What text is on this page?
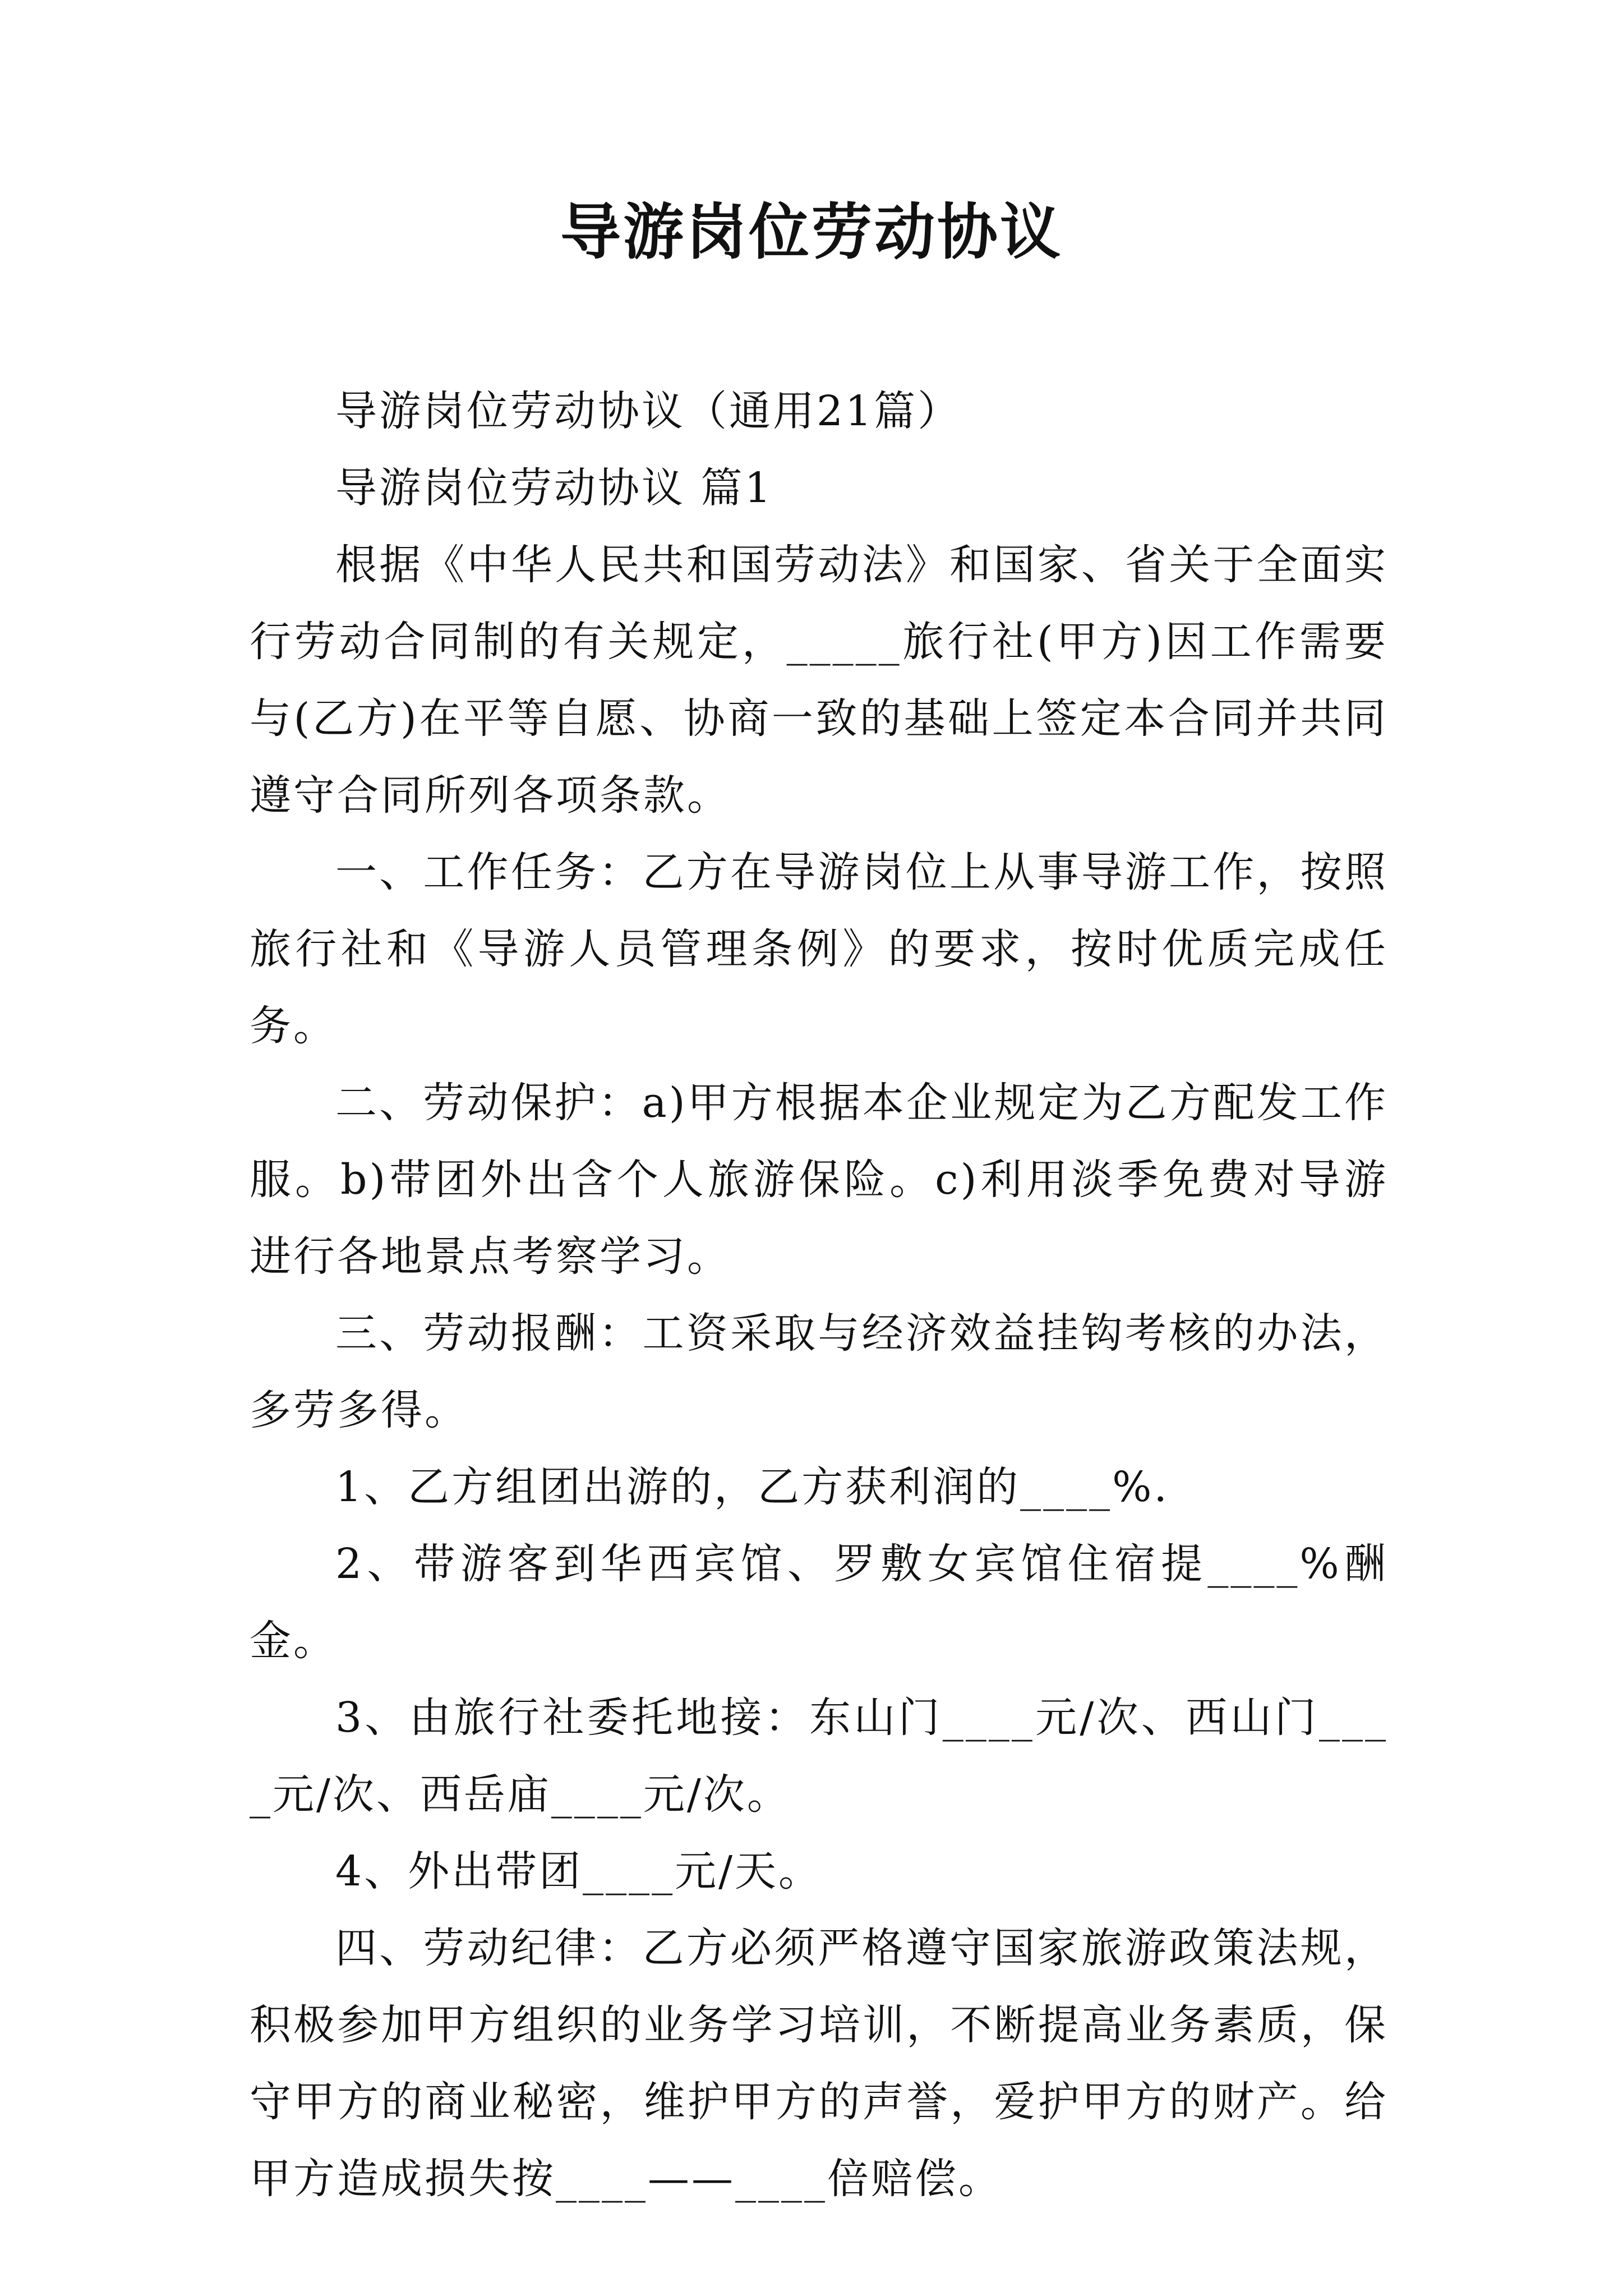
导游岗位劳动协议

导游岗位劳动协议（通用21篇）

导游岗位劳动协议 篇1

根据《中华人民共和国劳动法》和国家、省关于全面实行劳动合同制的有关规定，_____旅行社(甲方)因工作需要与(乙方)在平等自愿、协商一致的基础上签定本合同并共同遵守合同所列各项条款。

一、工作任务：乙方在导游岗位上从事导游工作，按照旅行社和《导游人员管理条例》的要求，按时优质完成任务。

二、劳动保护：a)甲方根据本企业规定为乙方配发工作服。b)带团外出含个人旅游保险。c)利用淡季免费对导游进行各地景点考察学习。

三、劳动报酬：工资采取与经济效益挂钩考核的办法，多劳多得。

1、乙方组团出游的，乙方获利润的____%.

2、带游客到华西宾馆、罗敷女宾馆住宿提____%酬金。

3、由旅行社委托地接：东山门____元/次、西山门____元/次、西岳庙____元/次。

4、外出带团____元/天。

四、劳动纪律：乙方必须严格遵守国家旅游政策法规，积极参加甲方组织的业务学习培训，不断提高业务素质，保守甲方的商业秘密，维护甲方的声誉，爱护甲方的财产。给甲方造成损失按____——____倍赔偿。
